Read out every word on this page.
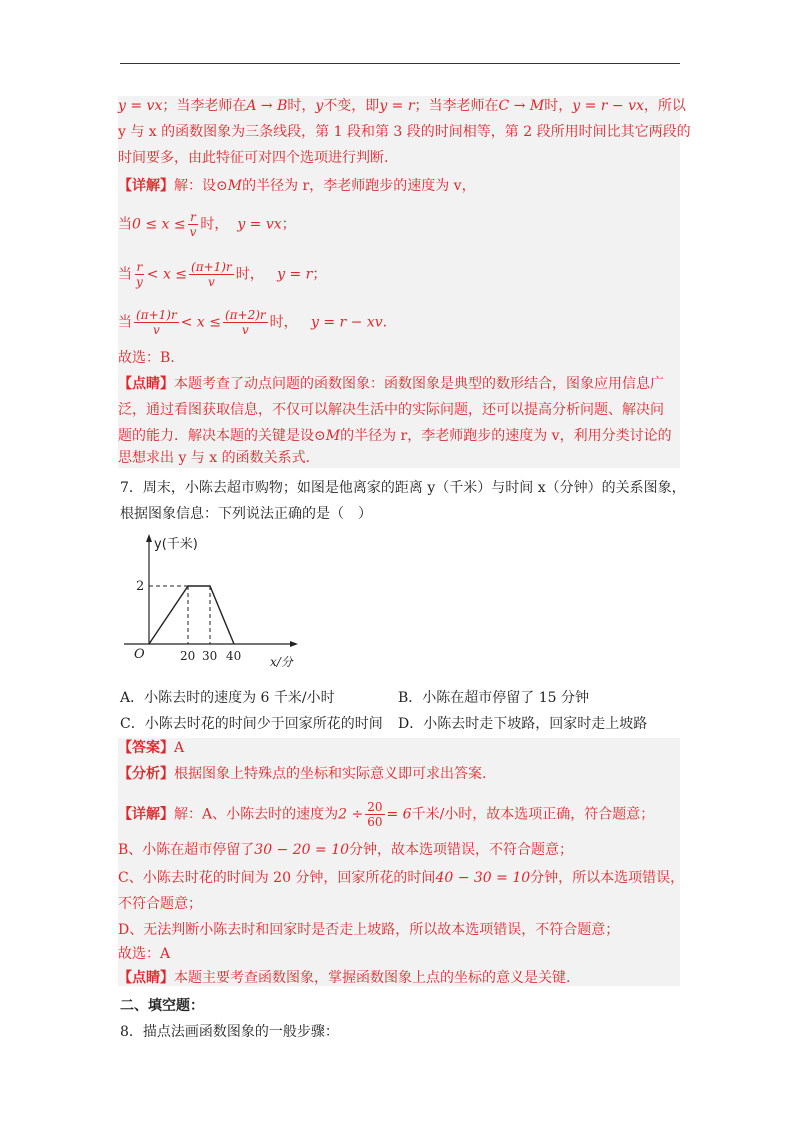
y = vx；当李老师在A → B时，y不变，即y = r；当李老师在C → M时，y = r − vx，所以
y 与 x 的函数图象为三条线段，第 1 段和第 3 段的时间相等，第 2 段所用时间比其它两段的
时间要多，由此特征可对四个选项进行判断.
【详解】解：设⊙M的半径为 r，李老师跑步的速度为 v，
当$0 \le x \le \frac{r}{v}$ 时， y = vx；
当 $\frac{r}{y} < x \le \frac{(\pi+1)r}{v}$ 时， y = r；
当 $\frac{(\pi+1)r}{v} < x \le \frac{(\pi+2)r}{v}$ 时， y = r − xv.
故选：B.
【点睛】本题考查了动点问题的函数图象：函数图象是典型的数形结合，图象应用信息广
泛，通过看图获取信息，不仅可以解决生活中的实际问题，还可以提高分析问题、解决问
题的能力．解决本题的关键是设⊙M的半径为 r，李老师跑步的速度为 v，利用分类讨论的
思想求出 y 与 x 的函数关系式.
7．周末，小陈去超市购物；如图是他离家的距离 y（千米）与时间 x（分钟）的关系图象，
根据图象信息：下列说法正确的是（　）
y(千米)
x/分
O
2
20 30 40
A．小陈去时的速度为 6 千米/小时	B．小陈在超市停留了 15 分钟
C．小陈去时花的时间少于回家所花的时间 D．小陈去时走下坡路，回家时走上坡路
【答案】A
【分析】根据图象上特殊点的坐标和实际意义即可求出答案.
【详解】解：A、小陈去时的速度为$2 \div \frac{20}{60} = 6$千米/小时，故本选项正确，符合题意；
B、小陈在超市停留了30 − 20 = 10分钟，故本选项错误，不符合题意；
C、小陈去时花的时间为 20 分钟，回家所花的时间40 − 30 = 10分钟，所以本选项错误，
不符合题意；
D、无法判断小陈去时和回家时是否走上坡路，所以故本选项错误，不符合题意；
故选：A
【点睛】本题主要考查函数图象，掌握函数图象上点的坐标的意义是关键.
二、填空题：
8．描点法画函数图象的一般步骤：
